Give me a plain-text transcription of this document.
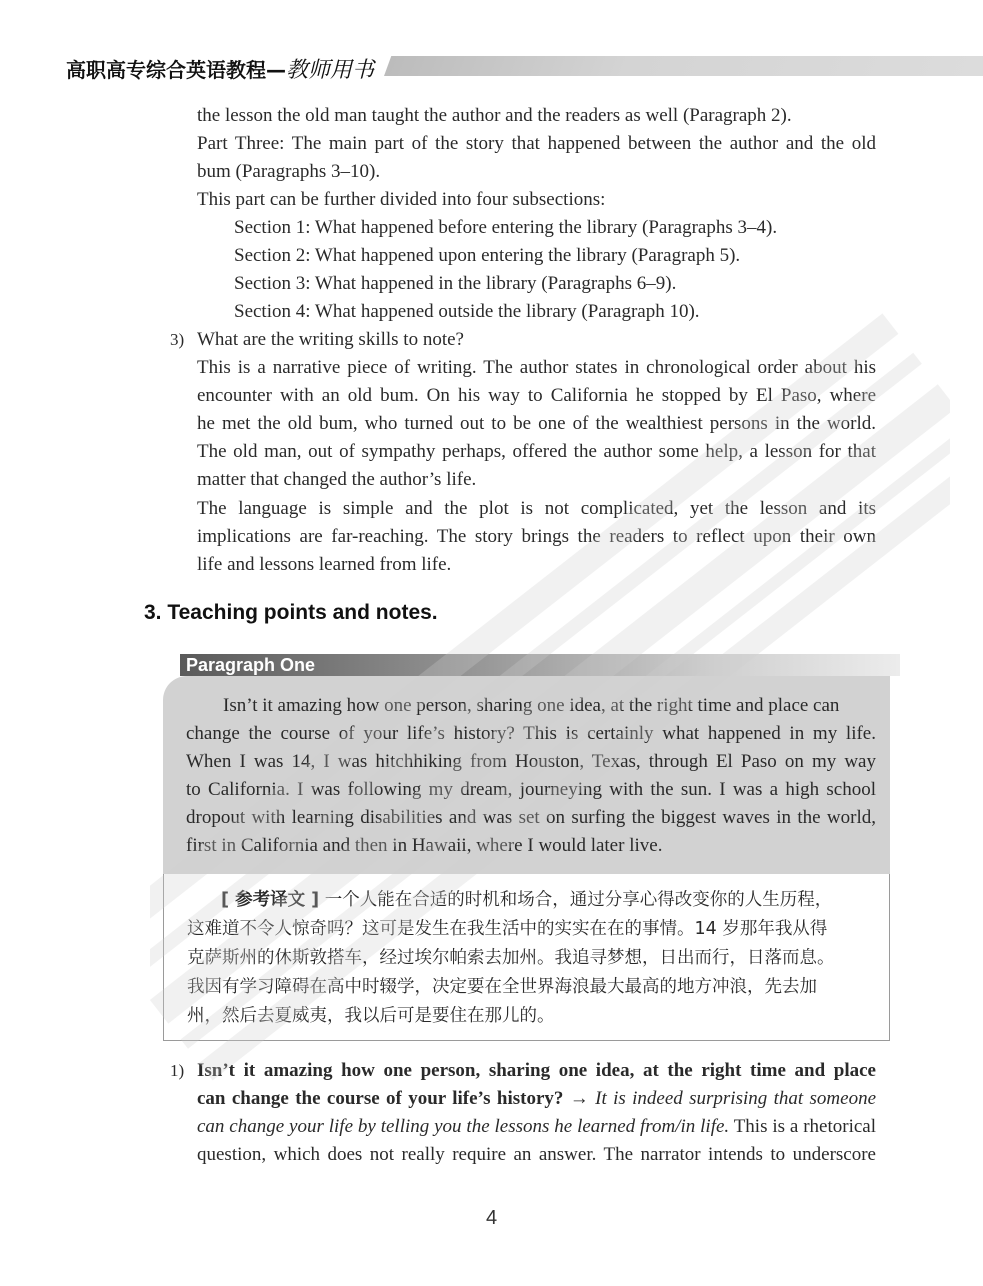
高职高专综合英语教程—教师用书
the lesson the old man taught the author and the readers as well (Paragraph 2).
Part Three: The main part of the story that happened between the author and the old
bum (Paragraphs 3–10).
This part can be further divided into four subsections:
Section 1: What happened before entering the library (Paragraphs 3–4).
Section 2: What happened upon entering the library (Paragraph 5).
Section 3: What happened in the library (Paragraphs 6–9).
Section 4: What happened outside the library (Paragraph 10).
3) What are the writing skills to note?
This is a narrative piece of writing. The author states in chronological order about his
encounter with an old bum. On his way to California he stopped by El Paso, where
he met the old bum, who turned out to be one of the wealthiest persons in the world.
The old man, out of sympathy perhaps, offered the author some help, a lesson for that
matter that changed the author’s life.
The language is simple and the plot is not complicated, yet the lesson and its
implications are far-reaching. The story brings the readers to reflect upon their own
life and lessons learned from life.
3. Teaching points and notes.
Paragraph One
Isn’t it amazing how one person, sharing one idea, at the right time and place can
change the course of your life’s history? This is certainly what happened in my life.
When I was 14, I was hitchhiking from Houston, Texas, through El Paso on my way
to California. I was following my dream, journeying with the sun. I was a high school
dropout with learning disabilities and was set on surfing the biggest waves in the world,
first in California and then in Hawaii, where I would later live.
[ 参考译文 ] 一个人能在合适的时机和场合，通过分享心得改变你的人生历程，
这难道不令人惊奇吗？这可是发生在我生活中的实实在在的事情。14 岁那年我从得
克萨斯州的休斯敦搭车，经过埃尔帕索去加州。我追寻梦想，日出而行，日落而息。
我因有学习障碍在高中时辍学，决定要在全世界海浪最大最高的地方冲浪，先去加
州，然后去夏威夷，我以后可是要住在那儿的。
1) Isn’t it amazing how one person, sharing one idea, at the right time and place
can change the course of your life’s history? → It is indeed surprising that someone
can change your life by telling you the lessons he learned from/in life. This is a rhetorical
question, which does not really require an answer. The narrator intends to underscore
4
